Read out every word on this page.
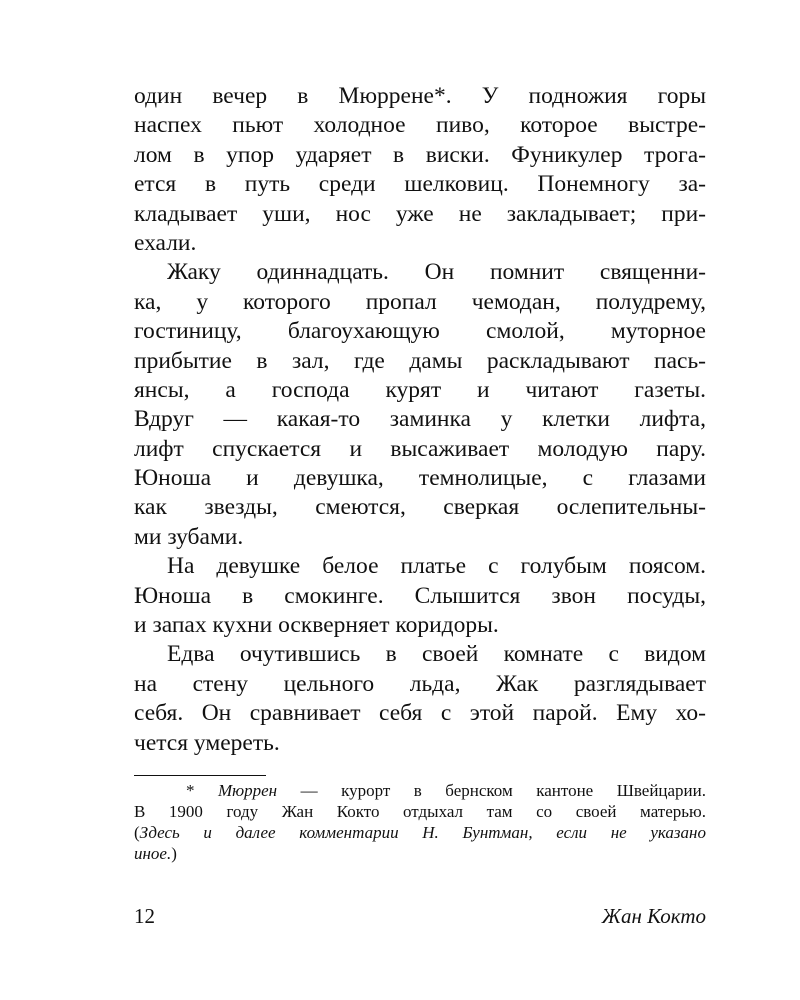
один вечер в Мюррене*. У подножия горы
наспех пьют холодное пиво, которое выстре-
лом в упор ударяет в виски. Фуникулер трога-
ется в путь среди шелковиц. Понемногу за-
кладывает уши, нос уже не закладывает; при-
ехали.
Жаку одиннадцать. Он помнит священни-
ка, у которого пропал чемодан, полудрему,
гостиницу, благоухающую смолой, муторное
прибытие в зал, где дамы раскладывают пась-
янсы, а господа курят и читают газеты.
Вдруг — какая-то заминка у клетки лифта,
лифт спускается и высаживает молодую пару.
Юноша и девушка, темнолицые, с глазами
как звезды, смеются, сверкая ослепительны-
ми зубами.
На девушке белое платье с голубым поясом.
Юноша в смокинге. Слышится звон посуды,
и запах кухни оскверняет коридоры.
Едва очутившись в своей комнате с видом
на стену цельного льда, Жак разглядывает
себя. Он сравнивает себя с этой парой. Ему хо-
чется умереть.
* Мюррен — курорт в бернском кантоне Швейцарии.
В 1900 году Жан Кокто отдыхал там со своей матерью.
(Здесь и далее комментарии Н. Бунтман, если не указано
иное.)
12	Жан Кокто
